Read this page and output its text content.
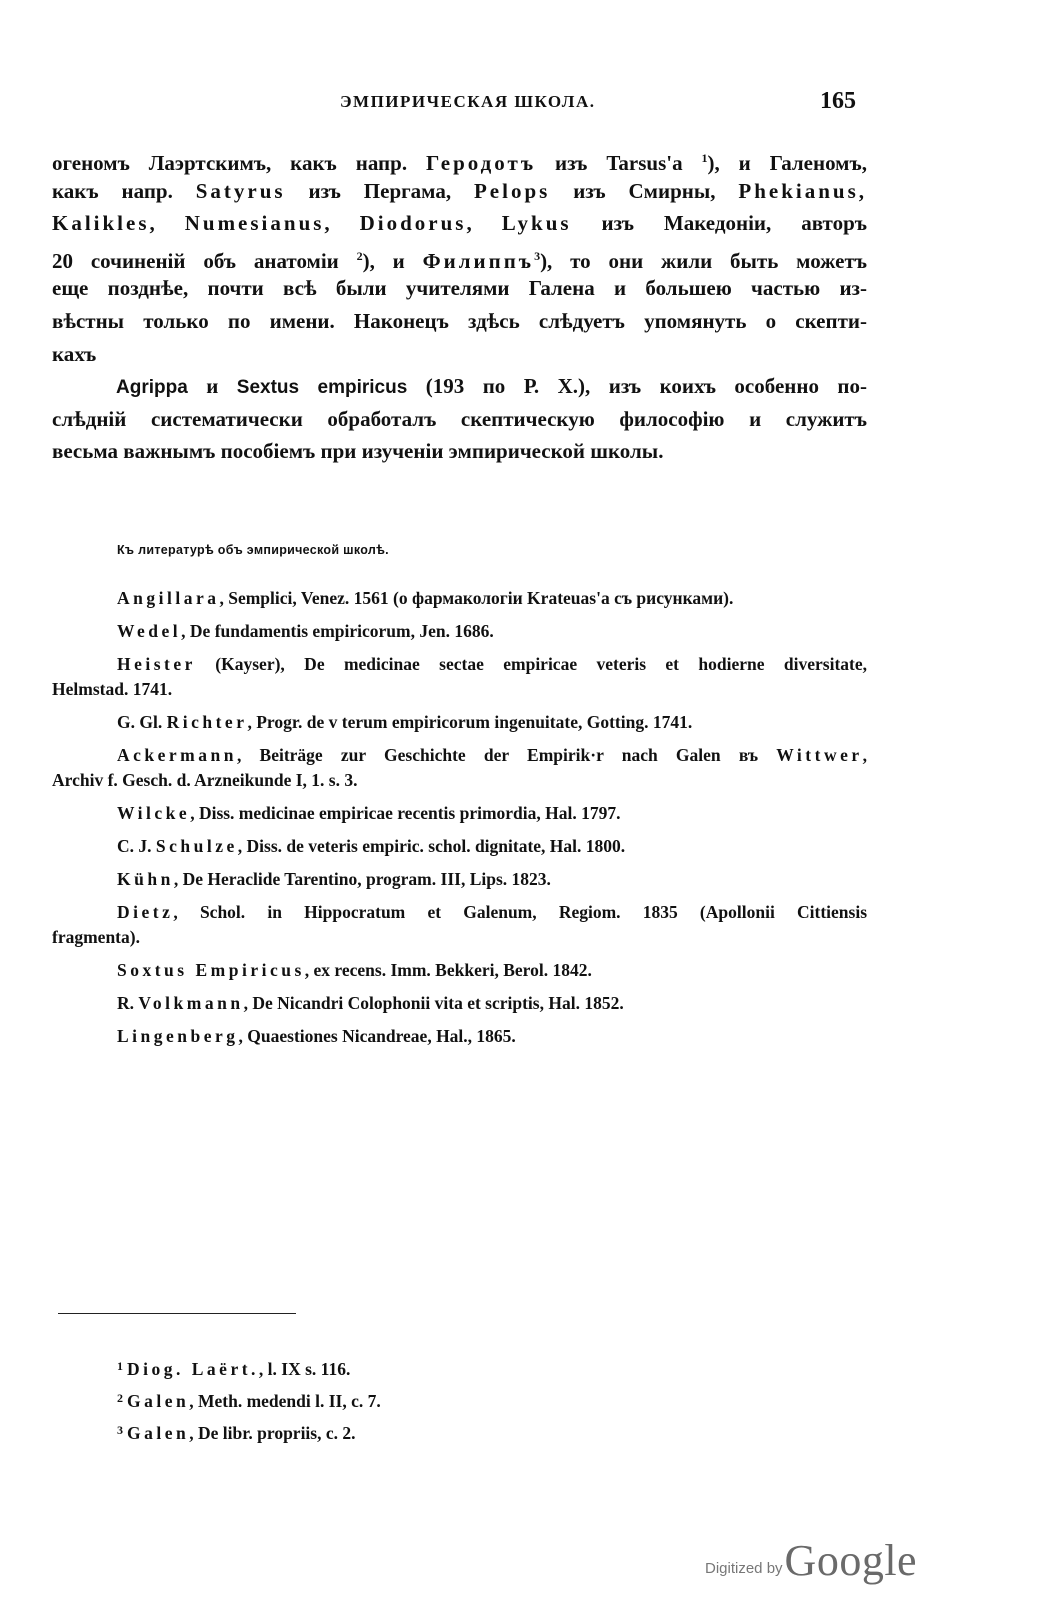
ЭМПИРИЧЕСКАЯ ШКОЛА.	165
огеномъ Лаэртскимъ, какъ напр. Геродотъ изъ Tarsus'a $^1$), и Галеномъ,
какъ напр. Satyrus изъ Пергама, Pelops изъ Смирны, Phekianus,
Kalikles, Numesianus, Diodorus, Lykus изъ Македоніи, авторъ
20 сочиненій объ анатоміи $^2$), и Филиппъ$^3$), то они жили быть можетъ
еще позднѣе, почти всѣ были учителями Галена и большею частью из-
вѣстны только по имени. Наконецъ здѣсь слѣдуетъ упомянуть о скепти-
кахъ
Agrippa и Sextus empiricus (193 по Р. X.), изъ коихъ особенно по-
слѣдній систематически обработалъ скептическую философію и служитъ
весьма важнымъ пособіемъ при изученіи эмпирической школы.
Къ литературѣ объ эмпирической школѣ.
Angillara, Semplici, Venez. 1561 (о фармакологіи Krateuas'a съ рисунками).
Wedel, De fundamentis empiricorum, Jen. 1686.
Heister (Kayser), De medicinae sectae empiricae veteris et hodierne diversitate,
Helmstad. 1741.
G. Gl. Richter, Progr. de v terum empiricorum ingenuitate, Gotting. 1741.
Ackermann, Beiträge zur Geschichte der Empirik·r nach Galen въ Wittwer,
Archiv f. Gesch. d. Arzneikunde I, 1. s. 3.
Wilcke, Diss. medicinae empiricae recentis primordia, Hal. 1797.
C. J. Schulze, Diss. de veteris empiric. schol. dignitate, Hal. 1800.
Kühn, De Heraclide Tarentino, program. III, Lips. 1823.
Dietz, Schol. in Hippocratum et Galenum, Regiom. 1835 (Apollonii Cittiensis
fragmenta).
Soxtus Empiricus, ex recens. Imm. Bekkeri, Berol. 1842.
R. Volkmann, De Nicandri Colophonii vita et scriptis, Hal. 1852.
Lingenberg, Quaestiones Nicandreae, Hal., 1865.
$^1$ Diog. Laërt., l. IX s. 116.
$^2$ Galen, Meth. medendi l. II, c. 7.
$^3$ Galen, De libr. propriis, c. 2.
Digitized byGoogle
